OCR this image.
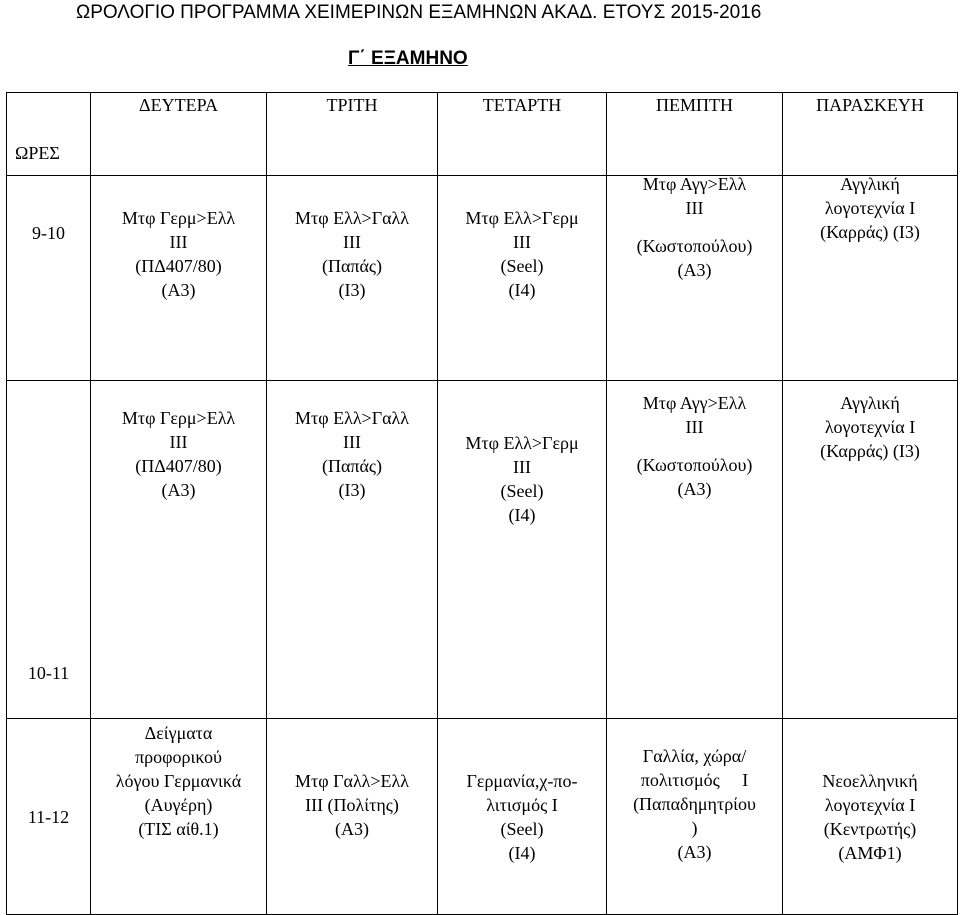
ΩΡΟΛΟΓΙΟ ΠΡΟΓΡΑΜΜΑ ΧΕΙΜΕΡΙΝΩΝ ΕΞΑΜΗΝΩΝ ΑΚΑΔ. ΕΤΟΥΣ 2015-2016
Γ΄ ΕΞΑΜΗΝΟ
ΩΡΕΣ	ΔΕΥΤΕΡΑ	ΤΡΙΤΗ	ΤΕΤΑΡΤΗ	ΠΕΜΠΤΗ	ΠΑΡΑΣΚΕΥΗ
9-10	Μτφ Γερμ>Ελλ
ΙΙΙ
(ΠΔ407/80)
(Α3)	Μτφ Ελλ>Γαλλ
ΙΙΙ
(Παπάς)
(Ι3)	Μτφ Ελλ>Γερμ
ΙΙΙ
(Seel)
(Ι4)	Μτφ Αγγ>Ελλ
ΙΙΙ
(Κωστοπούλου)
(Α3)	Αγγλική
λογοτεχνία Ι
(Καρράς) (Ι3)

10-11	Μτφ Γερμ>Ελλ
ΙΙΙ
(ΠΔ407/80)
(Α3)	Μτφ Ελλ>Γαλλ
ΙΙΙ
(Παπάς)
(Ι3)	Μτφ Ελλ>Γερμ
ΙΙΙ
(Seel)
(Ι4)	Μτφ Αγγ>Ελλ
ΙΙΙ
(Κωστοπούλου)
(Α3)	Αγγλική
λογοτεχνία Ι
(Καρράς) (Ι3)

11-12	Δείγματα
προφορικού
λόγου Γερμανικά
(Αυγέρη)
(ΤΙΣ αίθ.1)	Μτφ Γαλλ>Ελλ
ΙΙΙ (Πολίτης)
(Α3)	Γερμανία,χ-πο-
λιτισμός Ι
(Seel)
(Ι4)	Γαλλία, χώρα/
πολιτισμός     Ι
(Παπαδημητρίου
)
(Α3)	Νεοελληνική
λογοτεχνία Ι
(Κεντρωτής)
(ΑΜΦ1)
